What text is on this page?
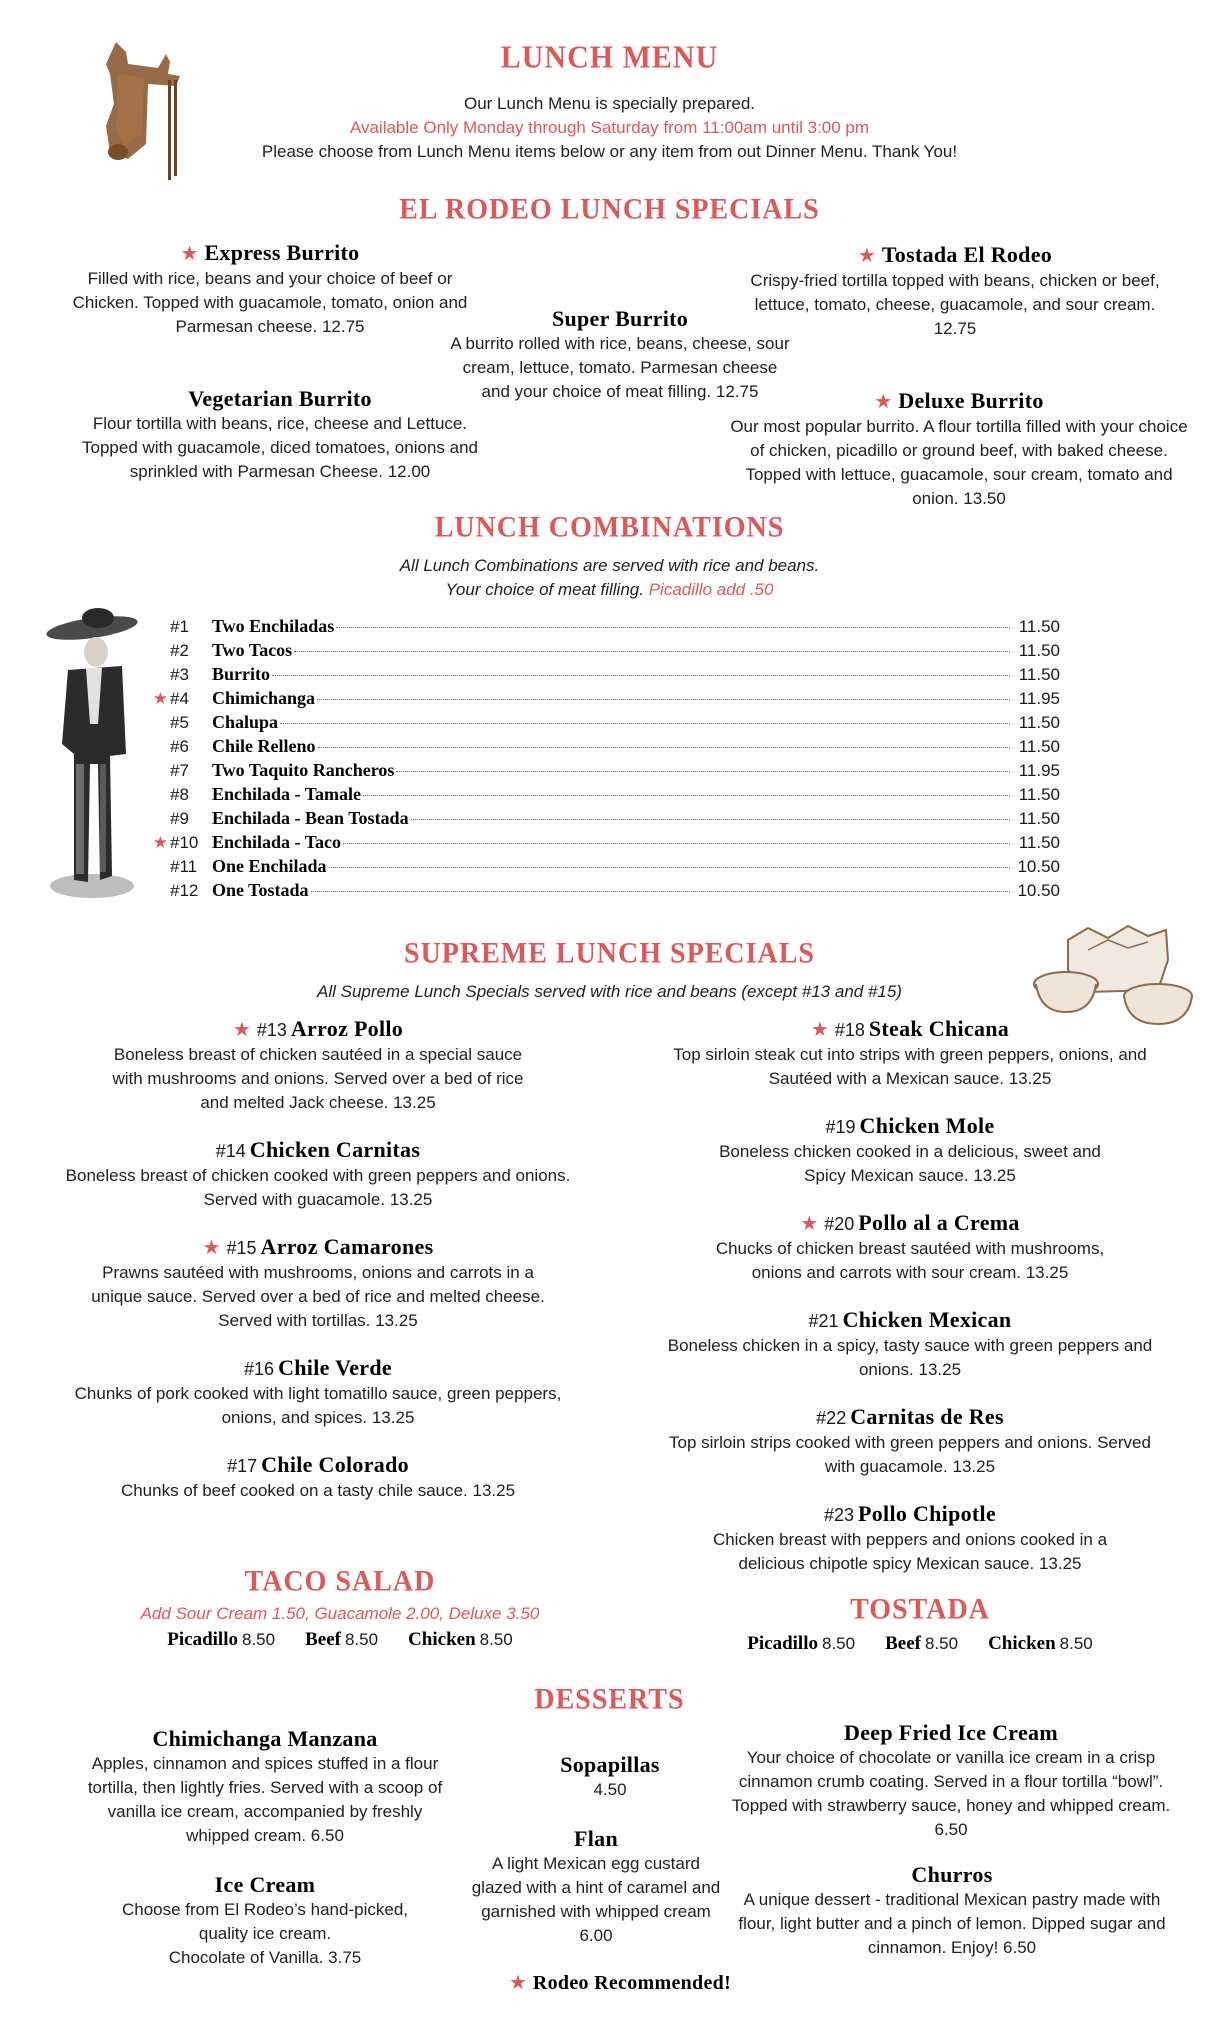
LUNCH MENU
Our Lunch Menu is specially prepared.
Available Only Monday through Saturday from 11:00am until 3:00 pm
Please choose from Lunch Menu items below or any item from out Dinner Menu. Thank You!
EL RODEO LUNCH SPECIALS
★ Express Burrito
Filled with rice, beans and your choice of beef or Chicken. Topped with guacamole, tomato, onion and Parmesan cheese. 12.75	Super Burrito
A burrito rolled with rice, beans, cheese, sour cream, lettuce, tomato. Parmesan cheese and your choice of meat filling. 12.75
★ Tostada El Rodeo
Crispy-fried tortilla topped with beans, chicken or beef, lettuce, tomato, cheese, guacamole, and sour cream. 12.75
Vegetarian Burrito
Flour tortilla with beans, rice, cheese and Lettuce. Topped with guacamole, diced tomatoes, onions and sprinkled with Parmesan Cheese. 12.00
★ Deluxe Burrito
Our most popular burrito. A flour tortilla filled with your choice of chicken, picadillo or ground beef, with baked cheese. Topped with lettuce, guacamole, sour cream, tomato and onion. 13.50
LUNCH COMBINATIONS
All Lunch Combinations are served with rice and beans.
Your choice of meat filling. Picadillo add .50
#1	Two Enchiladas	11.50
#2	Two Tacos	11.50
#3	Burrito	11.50
★ #4	Chimichanga	11.95
#5	Chalupa	11.50
#6	Chile Relleno	11.50
#7	Two Taquito Rancheros	11.95
#8	Enchilada - Tamale	11.50
#9	Enchilada - Bean Tostada	11.50
★ #10 Enchilada - Taco	11.50
#11 One Enchilada	10.50
#12 One Tostada	10.50
SUPREME LUNCH SPECIALS
All Supreme Lunch Specials served with rice and beans (except #13 and #15)
★ #13 Arroz Pollo
Boneless breast of chicken sautéed in a special sauce with mushrooms and onions. Served over a bed of rice and melted Jack cheese. 13.25
#14 Chicken Carnitas
Boneless breast of chicken cooked with green peppers and onions. Served with guacamole. 13.25
★ #15 Arroz Camarones
Prawns sautéed with mushrooms, onions and carrots in a unique sauce. Served over a bed of rice and melted cheese. Served with tortillas. 13.25
#16 Chile Verde
Chunks of pork cooked with light tomatillo sauce, green peppers, onions, and spices. 13.25
#17 Chile Colorado
Chunks of beef cooked on a tasty chile sauce. 13.25
★ #18 Steak Chicana
Top sirloin steak cut into strips with green peppers, onions, and Sautéed with a Mexican sauce. 13.25
#19 Chicken Mole
Boneless chicken cooked in a delicious, sweet and Spicy Mexican sauce. 13.25
★ #20 Pollo al a Crema
Chucks of chicken breast sautéed with mushrooms, onions and carrots with sour cream. 13.25
#21 Chicken Mexican
Boneless chicken in a spicy, tasty sauce with green peppers and onions. 13.25
#22 Carnitas de Res
Top sirloin strips cooked with green peppers and onions. Served with guacamole. 13.25
#23 Pollo Chipotle
Chicken breast with peppers and onions cooked in a delicious chipotle spicy Mexican sauce. 13.25
TACO SALAD
Add Sour Cream 1.50, Guacamole 2.00, Deluxe 3.50
Picadillo 8.50 Beef 8.50 Chicken 8.50
TOSTADA
Picadillo 8.50 Beef 8.50 Chicken 8.50
DESSERTS
Chimichanga Manzana
Apples, cinnamon and spices stuffed in a flour tortilla, then lightly fries. Served with a scoop of vanilla ice cream, accompanied by freshly whipped cream. 6.50
Sopapillas
4.50
Deep Fried Ice Cream
Your choice of chocolate or vanilla ice cream in a crisp cinnamon crumb coating. Served in a flour tortilla “bowl”. Topped with strawberry sauce, honey and whipped cream. 6.50
Ice Cream
Choose from El Rodeo’s hand-picked, quality ice cream.
Chocolate of Vanilla. 3.75
Flan
A light Mexican egg custard glazed with a hint of caramel and garnished with whipped cream 6.00
Churros
A unique dessert - traditional Mexican pastry made with flour, light butter and a pinch of lemon. Dipped sugar and cinnamon. Enjoy! 6.50
★ Rodeo Recommended!
